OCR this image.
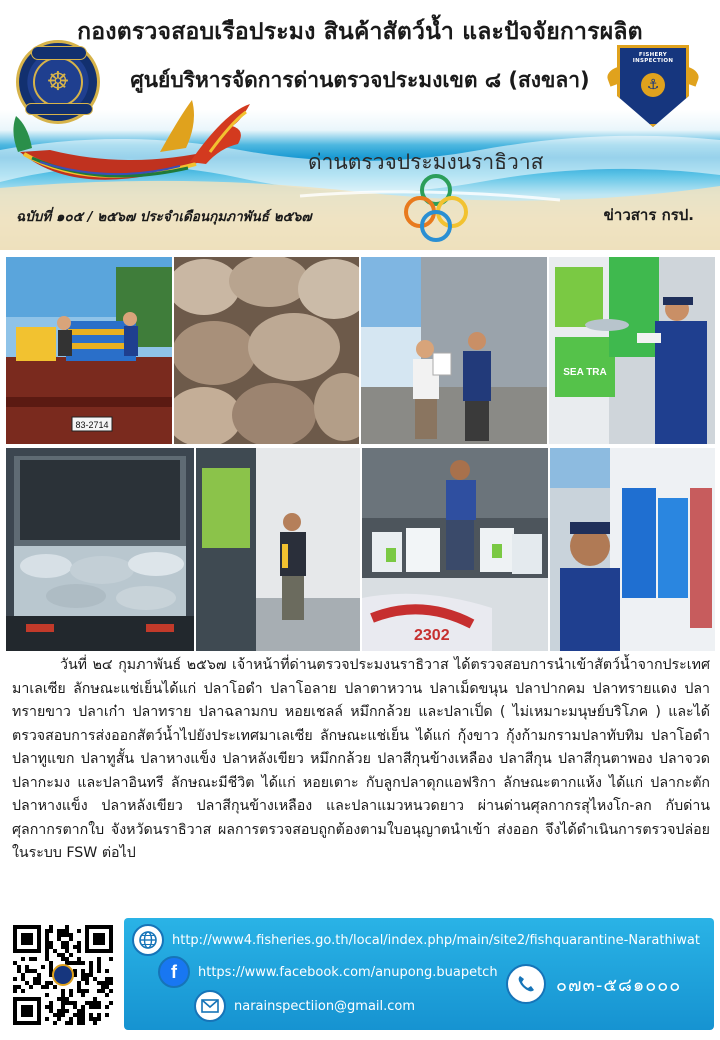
กองตรวจสอบเรือประมง สินค้าสัตว์น้ำ และปัจจัยการผลิต
ศูนย์บริหารจัดการด่านตรวจประมงเขต ๘ (สงขลา)
☸
FISHERY INSPECTION
⚓
ด่านตรวจประมงนราธิวาส
ฉบับที่ ๑๐๕ / ๒๕๖๗ ประจำเดือนกุมภาพันธ์ ๒๕๖๗	ข่าวสาร กรป.
83-2714
SEA TRA
2302

วันที่ ๒๔ กุมภาพันธ์ ๒๕๖๗ เจ้าหน้าที่ด่านตรวจประมงนราธิวาส ได้ตรวจสอบการนำเข้าสัตว์น้ำจากประเทศมาเลเซีย ลักษณะแช่เย็นได้แก่ ปลาโอดำ ปลาโอลาย ปลาตาหวาน ปลาเม็ดขนุน ปลาปากคม ปลาทรายแดง ปลาทรายขาว ปลาเก๋า ปลาทราย ปลาฉลามกบ หอยเชลล์ หมึกกล้วย และปลาเป็ด ( ไม่เหมาะมนุษย์บริโภค ) และได้ตรวจสอบการส่งออกสัตว์น้ำไปยังประเทศมาเลเซีย ลักษณะแช่เย็น ได้แก่ กุ้งขาว กุ้งก้ามกรามปลาทับทิม ปลาโอดำ ปลาทูแขก ปลาทูสั้น ปลาหางแข็ง ปลาหลังเขียว หมึกกล้วย ปลาสีกุนข้างเหลือง ปลาสีกุน ปลาสีกุนตาพอง ปลาจวด ปลากะมง และปลาอินทรี ลักษณะมีชีวิต ได้แก่ หอยเตาะ กับลูกปลาดุกแอฟริกา ลักษณะตากแห้ง ได้แก่ ปลากะตัก ปลาหางแข็ง ปลาหลังเขียว ปลาสีกุนข้างเหลือง และปลาแมวหนวดยาว ผ่านด่านศุลกากรสุไหงโก-ลก กับด่านศุลกากรตากใบ จังหวัดนราธิวาส ผลการตรวจสอบถูกต้องตามใบอนุญาตนำเข้า ส่งออก จึงได้ดำเนินการตรวจปล่อยในระบบ FSW ต่อไป

http://www4.fisheries.go.th/local/index.php/main/site2/fishquarantine-Narathiwat
f https://www.facebook.com/anupong.buapetch
narainspectiion@gmail.com
๐๗๓-๕๘๑๐๐๐
